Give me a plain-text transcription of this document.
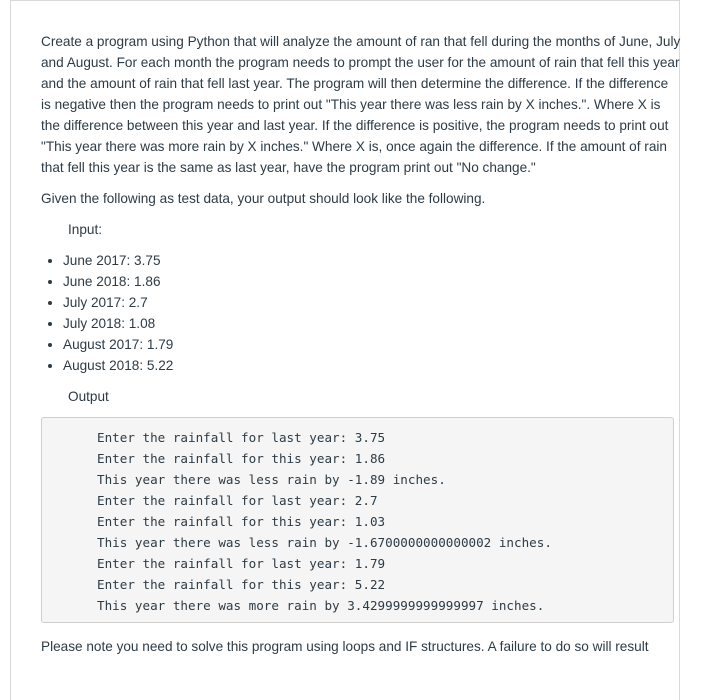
Create a program using Python that will analyze the amount of ran that fell during the months of June, July and August. For each month the program needs to prompt the user for the amount of rain that fell this year and the amount of rain that fell last year. The program will then determine the difference. If the difference is negative then the program needs to print out "This year there was less rain by X inches.". Where X is the difference between this year and last year. If the difference is positive, the program needs to print out "This year there was more rain by X inches." Where X is, once again the difference. If the amount of rain that fell this year is the same as last year, have the program print out "No change."

Given the following as test data, your output should look like the following.

Input:
• June 2017: 3.75
• June 2018: 1.86
• July 2017: 2.7
• July 2018: 1.08
• August 2017: 1.79
• August 2018: 5.22
Output
Enter the rainfall for last year: 3.75
Enter the rainfall for this year: 1.86
This year there was less rain by -1.89 inches.
Enter the rainfall for last year: 2.7
Enter the rainfall for this year: 1.03
This year there was less rain by -1.6700000000000002 inches.
Enter the rainfall for last year: 1.79
Enter the rainfall for this year: 5.22
This year there was more rain by 3.4299999999999997 inches.

Please note you need to solve this program using loops and IF structures. A failure to do so will result
